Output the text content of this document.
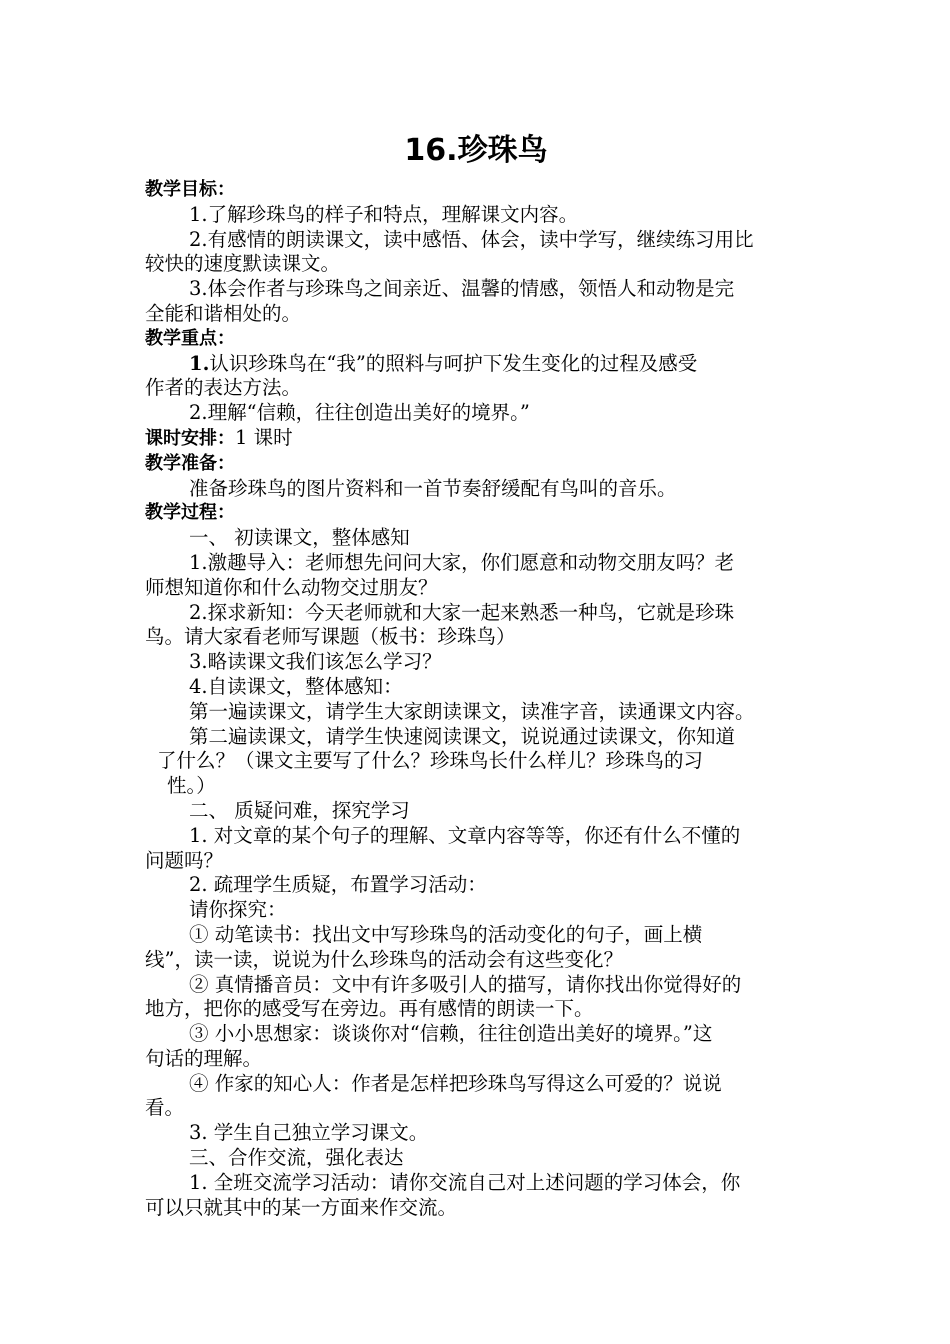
16.珍珠鸟
教学目标：
1.了解珍珠鸟的样子和特点，理解课文内容。
2.有感情的朗读课文，读中感悟、体会，读中学写，继续练习用比
较快的速度默读课文。
3.体会作者与珍珠鸟之间亲近、温馨的情感，领悟人和动物是完
全能和谐相处的。
教学重点：
1.认识珍珠鸟在“我”的照料与呵护下发生变化的过程及感受
作者的表达方法。
2.理解“信赖，往往创造出美好的境界。”
课时安排：1 课时
教学准备：
准备珍珠鸟的图片资料和一首节奏舒缓配有鸟叫的音乐。
教学过程：
一、 初读课文，整体感知
1.激趣导入：老师想先问问大家，你们愿意和动物交朋友吗？老
师想知道你和什么动物交过朋友？
2.探求新知：今天老师就和大家一起来熟悉一种鸟，它就是珍珠
鸟。请大家看老师写课题（板书：珍珠鸟）
3.略读课文我们该怎么学习？
4.自读课文，整体感知：
第一遍读课文，请学生大家朗读课文，读准字音，读通课文内容。
第二遍读课文，请学生快速阅读课文，说说通过读课文，你知道
了什么？（课文主要写了什么？珍珠鸟长什么样儿？珍珠鸟的习
性。）
二、 质疑问难，探究学习
1. 对文章的某个句子的理解、文章内容等等，你还有什么不懂的
问题吗？
2. 疏理学生质疑，布置学习活动：
请你探究：
① 动笔读书：找出文中写珍珠鸟的活动变化的句子，画上横
线”，读一读，说说为什么珍珠鸟的活动会有这些变化？
② 真情播音员：文中有许多吸引人的描写，请你找出你觉得好的
地方，把你的感受写在旁边。再有感情的朗读一下。
③ 小小思想家：谈谈你对“信赖，往往创造出美好的境界。”这
句话的理解。
④ 作家的知心人：作者是怎样把珍珠鸟写得这么可爱的？说说
看。
3. 学生自己独立学习课文。
三、合作交流，强化表达
1. 全班交流学习活动：请你交流自己对上述问题的学习体会，你
可以只就其中的某一方面来作交流。
